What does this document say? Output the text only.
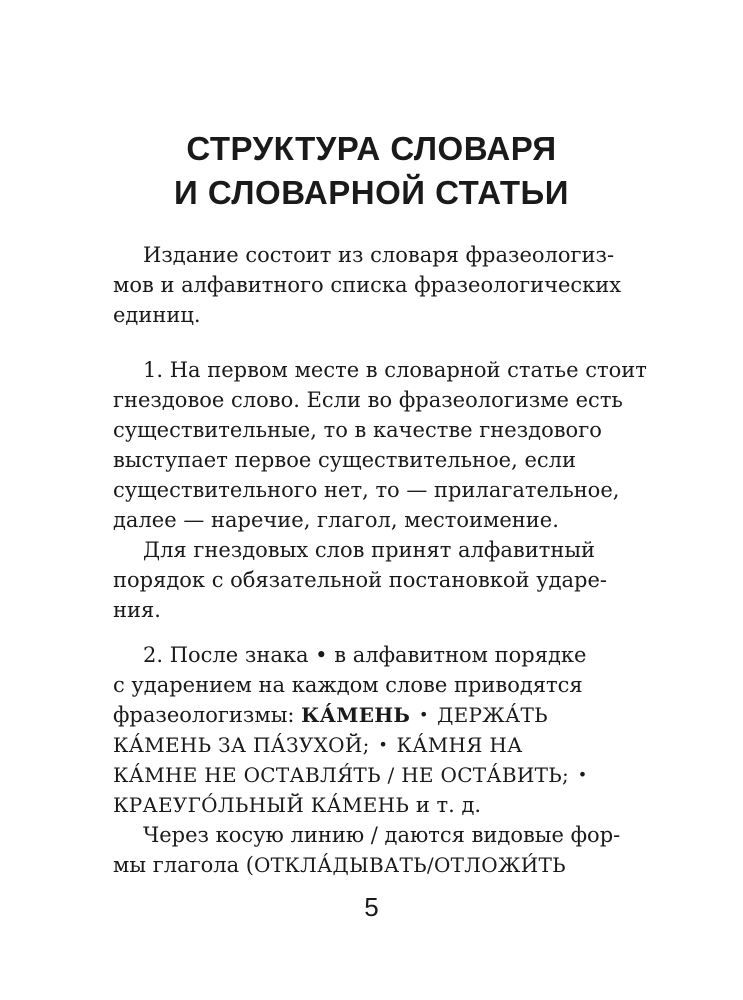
СТРУКТУРА СЛОВАРЯ
И СЛОВАРНОЙ СТАТЬИ
Издание состоит из словаря фразеологиз-
мов и алфавитного списка фразеологических
единиц.
1. На первом месте в словарной статье стоит
гнездовое слово. Если во фразеологизме есть
существительные, то в качестве гнездового
выступает первое существительное, если
существительного нет, то — прилагательное,
далее — наречие, глагол, местоимение.
Для гнездовых слов принят алфавитный
порядок с обязательной постановкой ударе-
ния.
2. После знака • в алфавитном порядке
с ударением на каждом слове приводятся
фразеологизмы: КА́МЕНЬ • ДЕРЖА́ТЬ
КА́МЕНЬ ЗА ПА́ЗУХОЙ; • КА́МНЯ НА
КА́МНЕ НЕ ОСТАВЛЯ́ТЬ / НЕ ОСТА́ВИТЬ; •
КРАЕУГО́ЛЬНЫЙ КА́МЕНЬ и т. д.
Через косую линию / даются видовые фор-
мы глагола (ОТКЛА́ДЫВАТЬ/ОТЛОЖИ́ТЬ
5
